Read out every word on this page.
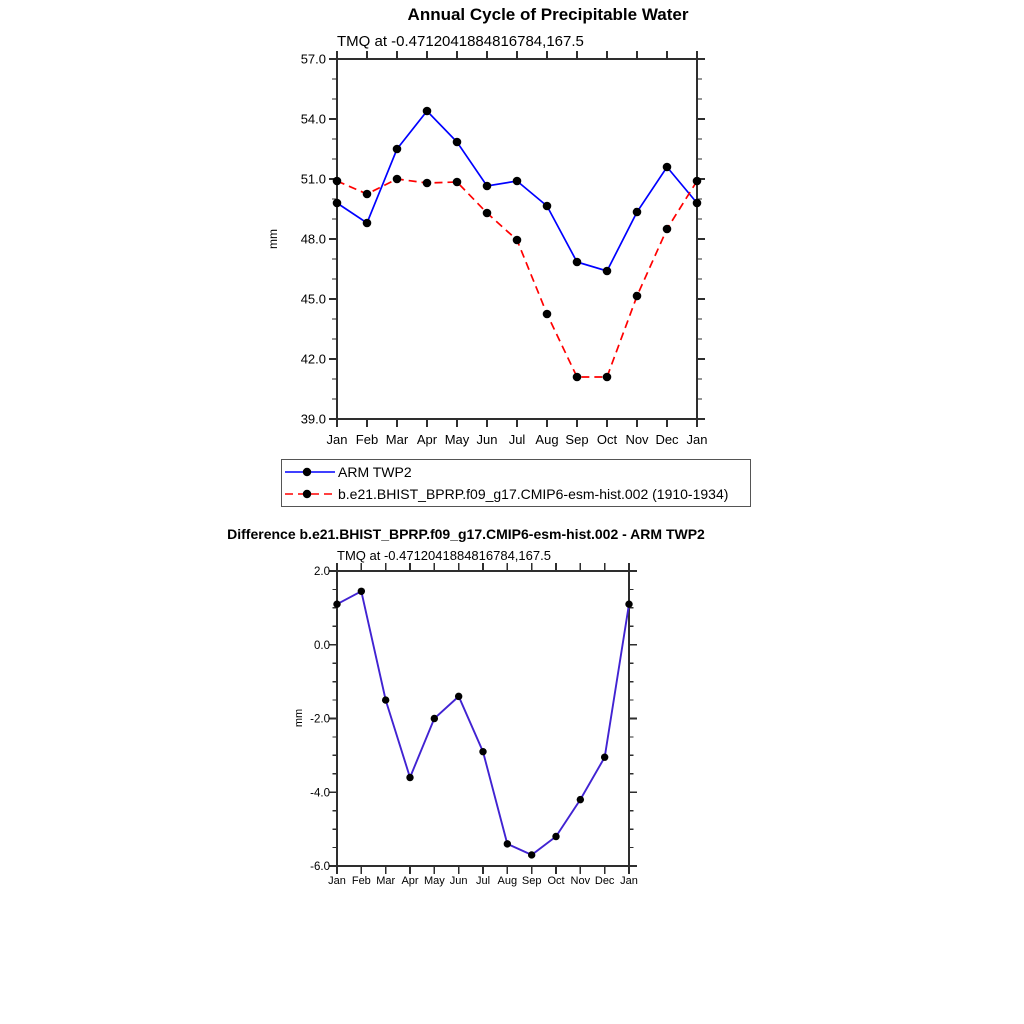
Annual Cycle of Precipitable Water
TMQ at -0.4712041884816784,167.5
mm
39.0
42.0
45.0
48.0
51.0
54.0
57.0
Jan Feb Mar Apr May Jun Jul Aug Sep Oct Nov Dec Jan
Difference b.e21.BHIST_BPRP.f09_g17.CMIP6-esm-hist.002 - ARM TWP2
TMQ at -0.4712041884816784,167.5
mm
-6.0
-4.0
-2.0
0.0
2.0
Jan Feb Mar Apr May Jun Jul Aug Sep Oct Nov Dec Jan
ARM TWP2
b.e21.BHIST_BPRP.f09_g17.CMIP6-esm-hist.002 (1910-1934)
